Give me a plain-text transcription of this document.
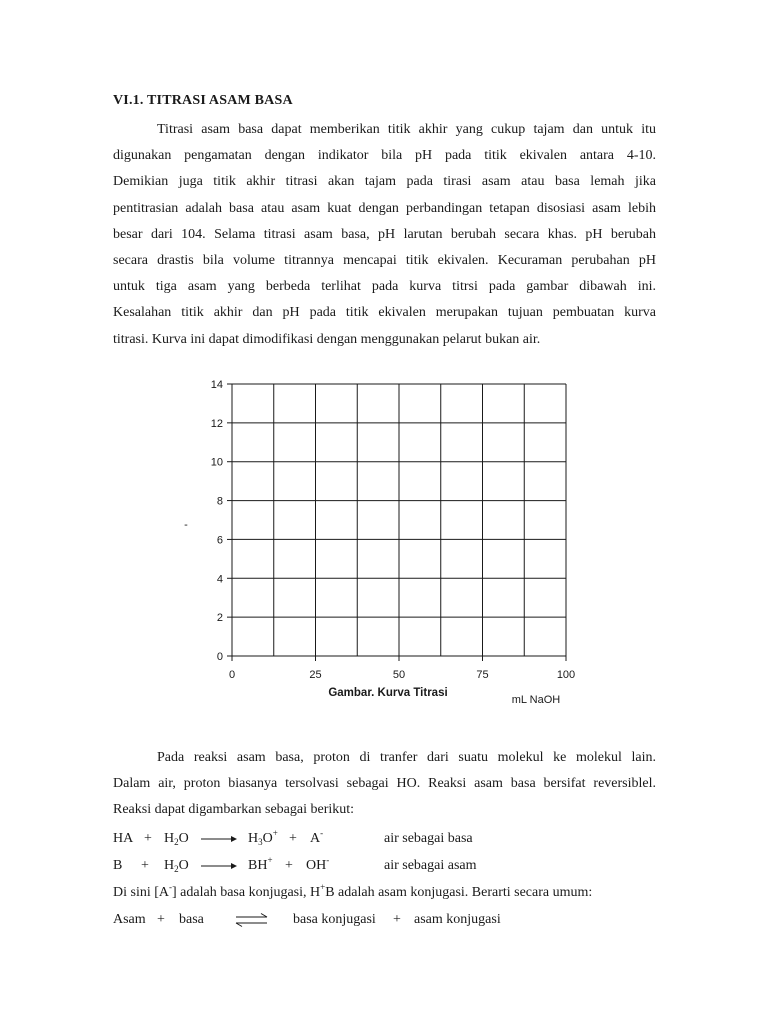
VI.1. TITRASI ASAM BASA
Titrasi asam basa dapat memberikan titik akhir yang cukup tajam dan untuk itu
digunakan pengamatan dengan indikator bila pH pada titik ekivalen antara 4-10.
Demikian juga titik akhir titrasi akan tajam pada tirasi asam atau basa lemah jika
pentitrasian adalah basa atau asam kuat dengan perbandingan tetapan disosiasi asam lebih
besar dari 104. Selama titrasi asam basa, pH larutan berubah secara khas. pH berubah
secara drastis bila volume titrannya mencapai titik ekivalen. Kecuraman perubahan pH
untuk tiga asam yang berbeda terlihat pada kurva titrsi pada gambar dibawah ini.
Kesalahan titik akhir dan pH pada titik ekivalen merupakan tujuan pembuatan kurva
titrasi. Kurva ini dapat dimodifikasi dengan menggunakan pelarut bukan air.
0
2
4
6
8
10
12
14
0	25	50	75	100
Gambar. Kurva Titrasi
mL NaOH
-
Pada reaksi asam basa, proton di tranfer dari suatu molekul ke molekul lain.
Dalam air, proton biasanya tersolvasi sebagai HO. Reaksi asam basa bersifat reversiblel.
Reaksi dapat digambarkan sebagai berikut:
HA + $H_2O \to H_3O^+ + A^-$	air sebagai basa
$B + H_2O \to BH^+ + OH^-$	air sebagai asam
Di sini [A-] adalah basa konjugasi, H+B adalah asam konjugasi. Berarti secara umum:
Asam + basa ⇌ basa konjugasi + asam konjugasi
